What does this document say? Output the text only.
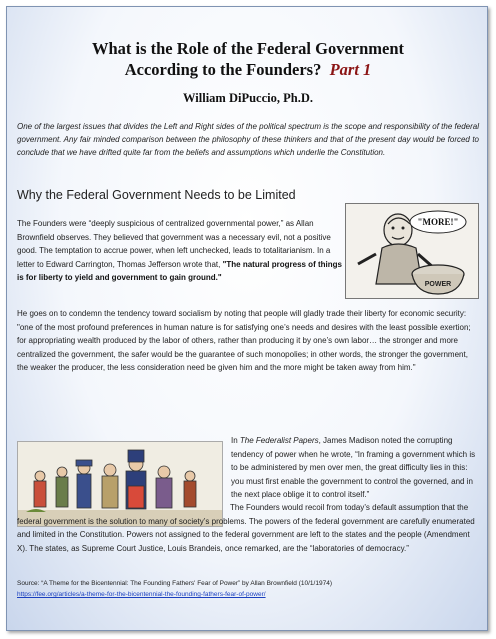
What is the Role of the Federal Government
According to the Founders? Part 1
William DiPuccio, Ph.D.
One of the largest issues that divides the Left and Right sides of the political spectrum is the scope and responsibility of the federal government. Any fair minded comparison between the philosophy of these thinkers and that of the present day would be forced to conclude that we have drifted quite far from the beliefs and assumptions which underlie the Constitution.
Why the Federal Government Needs to be Limited
The Founders were “deeply suspicious of centralized governmental power,” as Allan Brownfield observes. They believed that government was a necessary evil, not a positive good. The temptation to accrue power, when left unchecked, leads to totalitarianism. In a letter to Edward Carrington, Thomas Jefferson wrote that, "The natural progress of things is for liberty to yield and government to gain ground."
"MORE!"
POWER
He goes on to condemn the tendency toward socialism by noting that people will gladly trade their liberty for economic security: "one of the most profound preferences in human nature is for satisfying one’s needs and desires with the least possible exertion; for appropriating wealth produced by the labor of others, rather than producing it by one’s own labor… the stronger and more centralized the government, the safer would be the guarantee of such monopolies; in other words, the stronger the government, the weaker the producer, the less consideration need be given him and the more might be taken away from him."
In The Federalist Papers, James Madison noted the corrupting tendency of power when he wrote, “In framing a government which is to be administered by men over men, the great difficulty lies in this: you must first enable the government to control the governed, and in the next place oblige it to control itself.”
The Founders would recoil from today’s default assumption that the federal government is the solution to many of society’s problems. The powers of the federal government are carefully enumerated and limited in the Constitution. Powers not assigned to the federal government are left to the states and the people (Amendment X). The states, as Supreme Court Justice, Louis Brandeis, once remarked, are the “laboratories of democracy.”
Source: “A Theme for the Bicentennial: The Founding Fathers' Fear of Power” by Allan Brownfield (10/1/1974)
https://fee.org/articles/a-theme-for-the-bicentennial-the-founding-fathers-fear-of-power/
